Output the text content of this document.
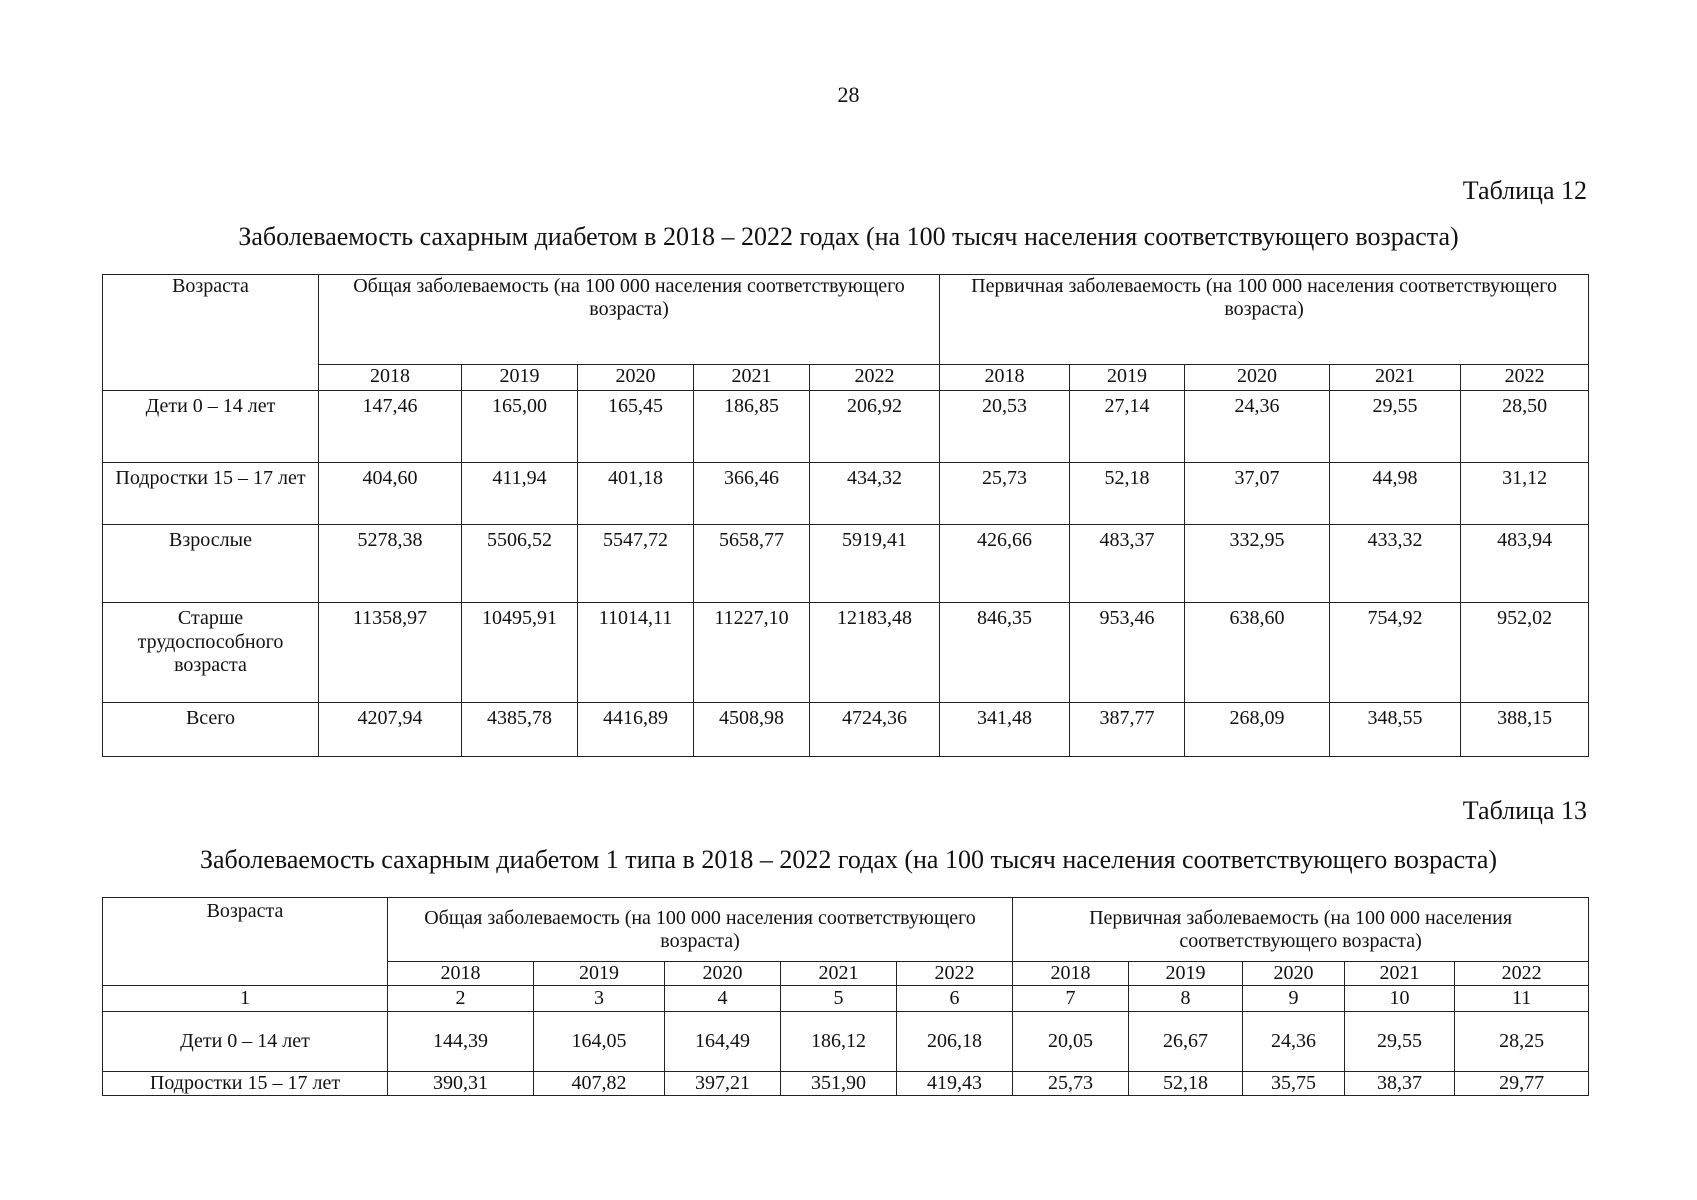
28
Таблица 12
Заболеваемость сахарным диабетом в 2018 – 2022 годах (на 100 тысяч населения соответствующего возраста)
Возраста	Общая заболеваемость (на 100 000 населения соответствующего возраста)					Первичная заболеваемость (на 100 000 населения соответствующего возраста)				
	2018	2019	2020	2021	2022	2018	2019	2020	2021	2022
Дети 0 – 14 лет	147,46	165,00	165,45	186,85	206,92	20,53	27,14	24,36	29,55	28,50
Подростки 15 – 17 лет	404,60	411,94	401,18	366,46	434,32	25,73	52,18	37,07	44,98	31,12
Взрослые	5278,38	5506,52	5547,72	5658,77	5919,41	426,66	483,37	332,95	433,32	483,94
Старше трудоспособного возраста	11358,97	10495,91	11014,11	11227,10	12183,48	846,35	953,46	638,60	754,92	952,02
Всего	4207,94	4385,78	4416,89	4508,98	4724,36	341,48	387,77	268,09	348,55	388,15
Таблица 13
Заболеваемость сахарным диабетом 1 типа в 2018 – 2022 годах (на 100 тысяч населения соответствующего возраста)
Возраста	Общая заболеваемость (на 100 000 населения соответствующего возраста)					Первичная заболеваемость (на 100 000 населения соответствующего возраста)				
	2018	2019	2020	2021	2022	2018	2019	2020	2021	2022
1	2	3	4	5	6	7	8	9	10	11
Дети 0 – 14 лет	144,39	164,05	164,49	186,12	206,18	20,05	26,67	24,36	29,55	28,25
Подростки 15 – 17 лет	390,31	407,82	397,21	351,90	419,43	25,73	52,18	35,75	38,37	29,77
